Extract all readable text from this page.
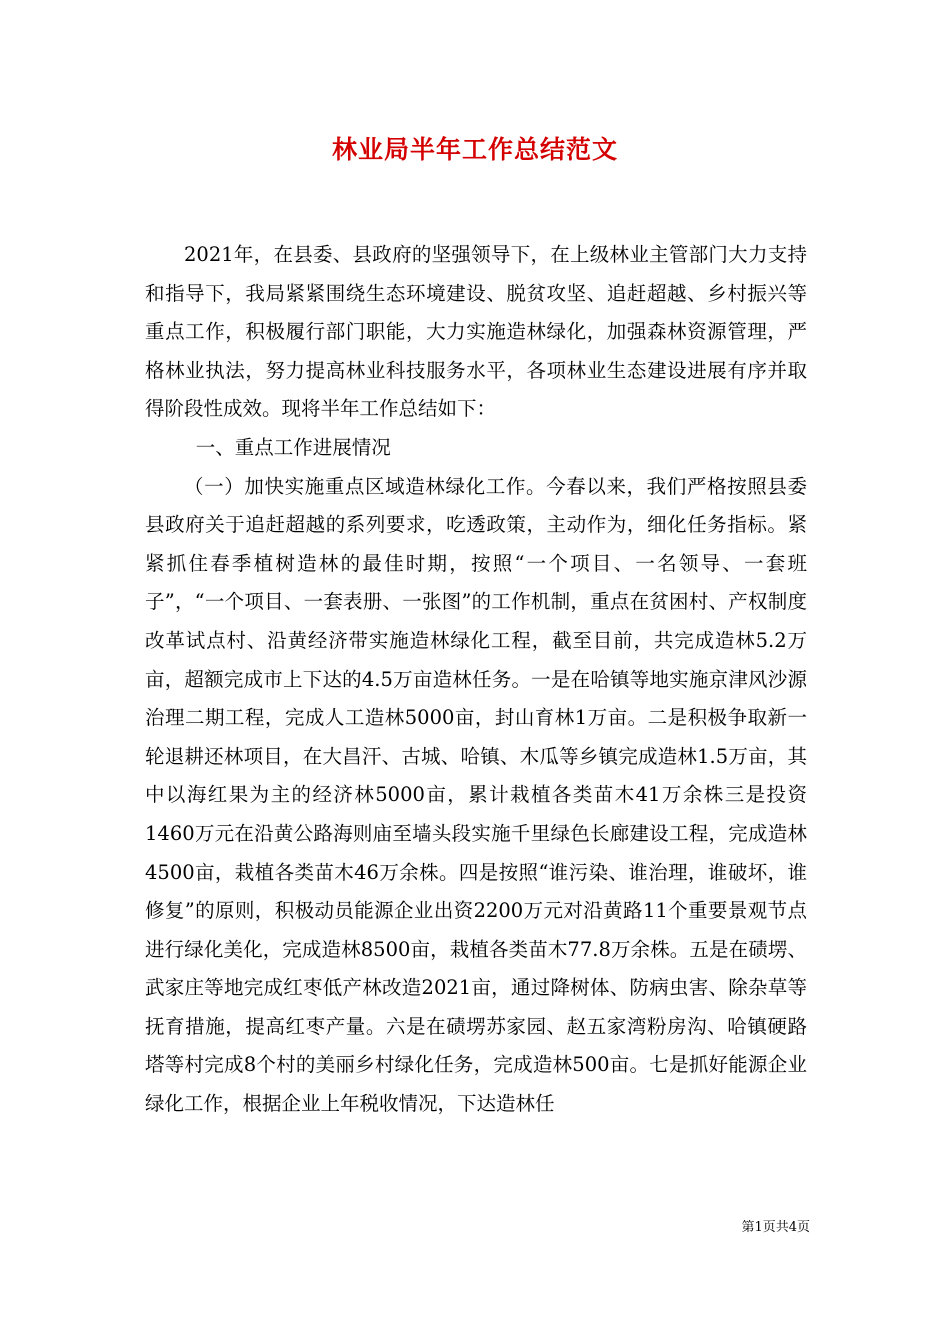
林业局半年工作总结范文

2021年，在县委、县政府的坚强领导下，在上级林业主管部门大力支持和指导下，我局紧紧围绕生态环境建设、脱贫攻坚、追赶超越、乡村振兴等重点工作，积极履行部门职能，大力实施造林绿化，加强森林资源管理，严格林业执法，努力提高林业科技服务水平，各项林业生态建设进展有序并取得阶段性成效。现将半年工作总结如下：

一、重点工作进展情况

（一）加快实施重点区域造林绿化工作。今春以来，我们严格按照县委县政府关于追赶超越的系列要求，吃透政策，主动作为，细化任务指标。紧紧抓住春季植树造林的最佳时期，按照“一个项目、一名领导、一套班子”，“一个项目、一套表册、一张图”的工作机制，重点在贫困村、产权制度改革试点村、沿黄经济带实施造林绿化工程，截至目前，共完成造林5.2万亩，超额完成市上下达的4.5万亩造林任务。一是在哈镇等地实施京津风沙源治理二期工程，完成人工造林5000亩，封山育林1万亩。二是积极争取新一轮退耕还林项目，在大昌汗、古城、哈镇、木瓜等乡镇完成造林1.5万亩，其中以海红果为主的经济林5000亩，累计栽植各类苗木41万余株三是投资1460万元在沿黄公路海则庙至墙头段实施千里绿色长廊建设工程，完成造林4500亩，栽植各类苗木46万余株。四是按照“谁污染、谁治理，谁破坏，谁修复”的原则，积极动员能源企业出资2200万元对沿黄路11个重要景观节点进行绿化美化，完成造林8500亩，栽植各类苗木77.8万余株。五是在碛塄、武家庄等地完成红枣低产林改造2021亩，通过降树体、防病虫害、除杂草等抚育措施，提高红枣产量。六是在碛塄苏家园、赵五家湾粉房沟、哈镇硬路塔等村完成8个村的美丽乡村绿化任务，完成造林500亩。七是抓好能源企业绿化工作，根据企业上年税收情况，下达造林任

第1页共4页
